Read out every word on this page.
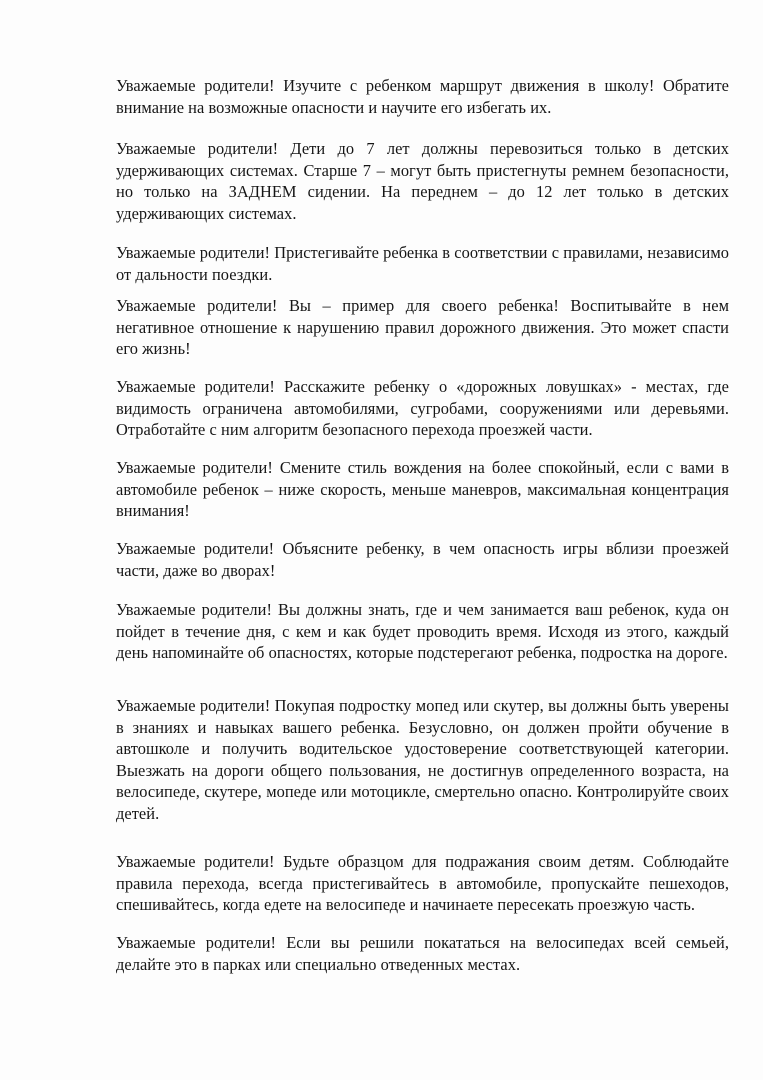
Уважаемые родители! Изучите с ребенком маршрут движения в школу! Обратите внимание на возможные опасности и научите его избегать их.

Уважаемые родители! Дети до 7 лет должны перевозиться только в детских удерживающих системах. Старше 7 – могут быть пристегнуты ремнем безопасности, но только на ЗАДНЕМ сидении. На переднем – до 12 лет только в детских удерживающих системах.

Уважаемые родители! Пристегивайте ребенка в соответствии с правилами, независимо от дальности поездки.

Уважаемые родители! Вы – пример для своего ребенка! Воспитывайте в нем негативное отношение к нарушению правил дорожного движения. Это может спасти его жизнь!

Уважаемые родители! Расскажите ребенку о «дорожных ловушках» - местах, где видимость ограничена автомобилями, сугробами, сооружениями или деревьями. Отработайте с ним алгоритм безопасного перехода проезжей части.

Уважаемые родители! Смените стиль вождения на более спокойный, если с вами в автомобиле ребенок – ниже скорость, меньше маневров, максимальная концентрация внимания!

Уважаемые родители! Объясните ребенку, в чем опасность игры вблизи проезжей части, даже во дворах!

Уважаемые родители! Вы должны знать, где и чем занимается ваш ребенок, куда он пойдет в течение дня, с кем и как будет проводить время. Исходя из этого, каждый день напоминайте об опасностях, которые подстерегают ребенка, подростка на дороге.

Уважаемые родители! Покупая подростку мопед или скутер, вы должны быть уверены в знаниях и навыках вашего ребенка. Безусловно, он должен пройти обучение в автошколе и получить водительское удостоверение соответствующей категории. Выезжать на дороги общего пользования, не достигнув определенного возраста, на велосипеде, скутере, мопеде или мотоцикле, смертельно опасно. Контролируйте своих детей.

Уважаемые родители! Будьте образцом для подражания своим детям. Соблюдайте правила перехода, всегда пристегивайтесь в автомобиле, пропускайте пешеходов, спешивайтесь, когда едете на велосипеде и начинаете пересекать проезжую часть.

Уважаемые родители! Если вы решили покататься на велосипедах всей семьей, делайте это в парках или специально отведенных местах.
